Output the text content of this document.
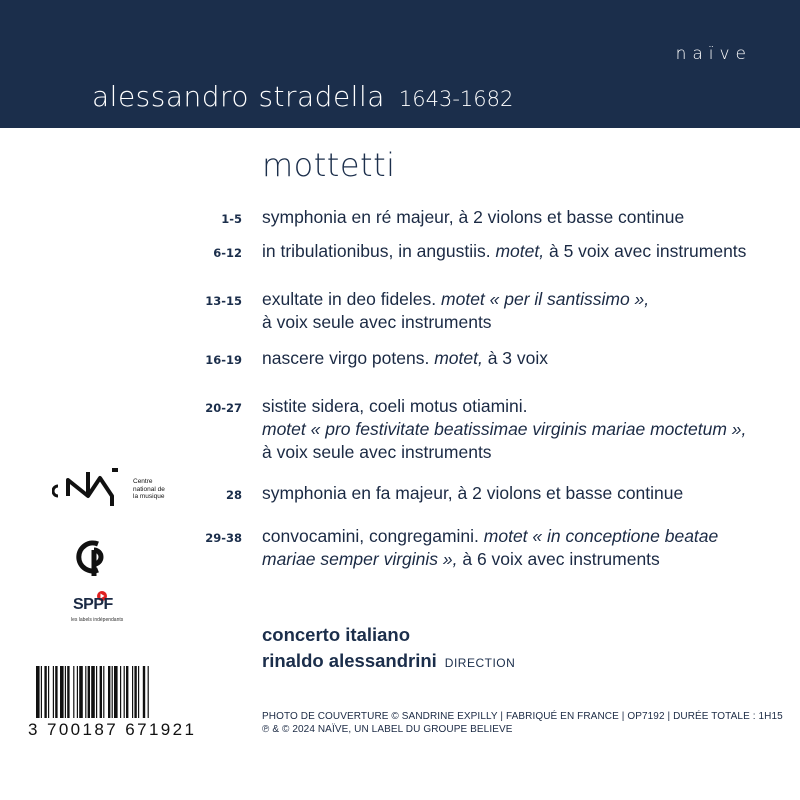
naïve
alessandro stradella 1643-1682
mottetti
1-5 symphonia en ré majeur, à 2 violons et basse continue
6-12 in tribulationibus, in angustiis. motet, à 5 voix avec instruments
13-15 exultate in deo fideles. motet « per il santissimo »,
à voix seule avec instruments
16-19 nascere virgo potens. motet, à 3 voix
20-27 sistite sidera, coeli motus otiamini.
motet « pro festivitate beatissimae virginis mariae moctetum »,
à voix seule avec instruments
28 symphonia en fa majeur, à 2 violons et basse continue
29-38 convocamini, congregamini. motet « in conceptione beatae
mariae semper virginis », à 6 voix avec instruments
concerto italiano
rinaldo alessandrini DIRECTION
PHOTO DE COUVERTURE © SANDRINE EXPILLY | FABRIQUÉ EN FRANCE | OP7192 | DURÉE TOTALE : 1H15
℗ & © 2024 NAÏVE, UN LABEL DU GROUPE BELIEVE
Centre
national de
la musique
SPPF
les labels indépendants
3 700187 671921
